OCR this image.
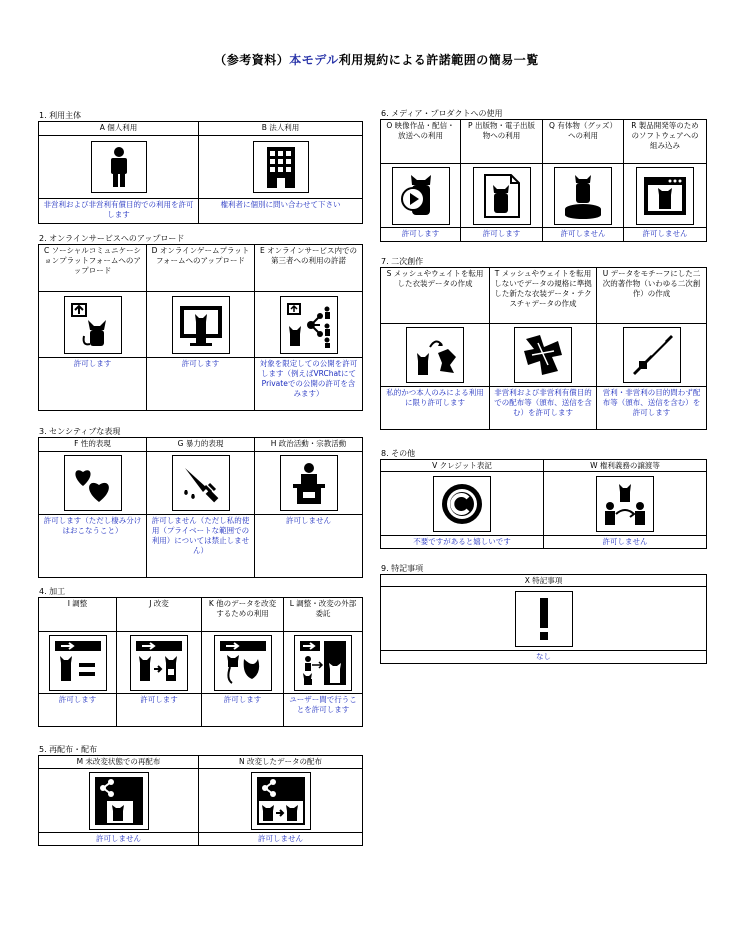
（参考資料）本モデル利用規約による許諾範囲の簡易一覧
1. 利用主体
A 個人利用
非営利および非営利有償目的での利用を許可します
B 法人利用
権利者に個別に問い合わせて下さい
2. オンラインサービスへのアップロード
C ソーシャルコミュニケーションプラットフォームへのアップロード
許可します
D オンラインゲームプラットフォームへのアップロード
許可します
E オンラインサービス内での第三者への利用の許諾
対象を限定しての公開を許可します（例えばVRChatにてPrivateでの公開の許可を含みます）
3. センシティブな表現
F 性的表現
許可します（ただし棲み分けはおこなうこと）
G 暴力的表現
許可しません（ただし私的使用（プライベートな範囲での利用）については禁止しません）
H 政治活動・宗教活動
許可しません
4. 加工
I 調整
許可します
J 改変
許可します
K 他のデータを改変するための利用
許可します
L 調整・改変の外部委託
ユーザー間で行うことを許可します
5. 再配布・配布
M 未改変状態での再配布
許可しません
N 改変したデータの配布
許可しません
6. メディア・プロダクトへの使用
O 映像作品・配信・放送への利用
許可します
P 出版物・電子出版物への利用
許可します
Q 有体物（グッズ）への利用
許可しません
R 製品開発等のためのソフトウェアへの組み込み
許可しません
7. 二次創作
S メッシュやウェイトを転用した衣装データの作成
私的かつ本人のみによる利用に限り許可します
T メッシュやウェイトを転用しないでデータの規格に準拠した新たな衣装データ・テクスチャデータの作成
非営利および非営利有償目的での配布等（頒布、送信を含む）を許可します
U データをモチーフにした二次的著作物（いわゆる二次創作）の作成
営利・非営利の目的問わず配布等（頒布、送信を含む）を許可します
8. その他
V クレジット表記
不要ですがあると嬉しいです
W 権利義務の譲渡等
許可しません
9. 特記事項
X 特記事項
なし
